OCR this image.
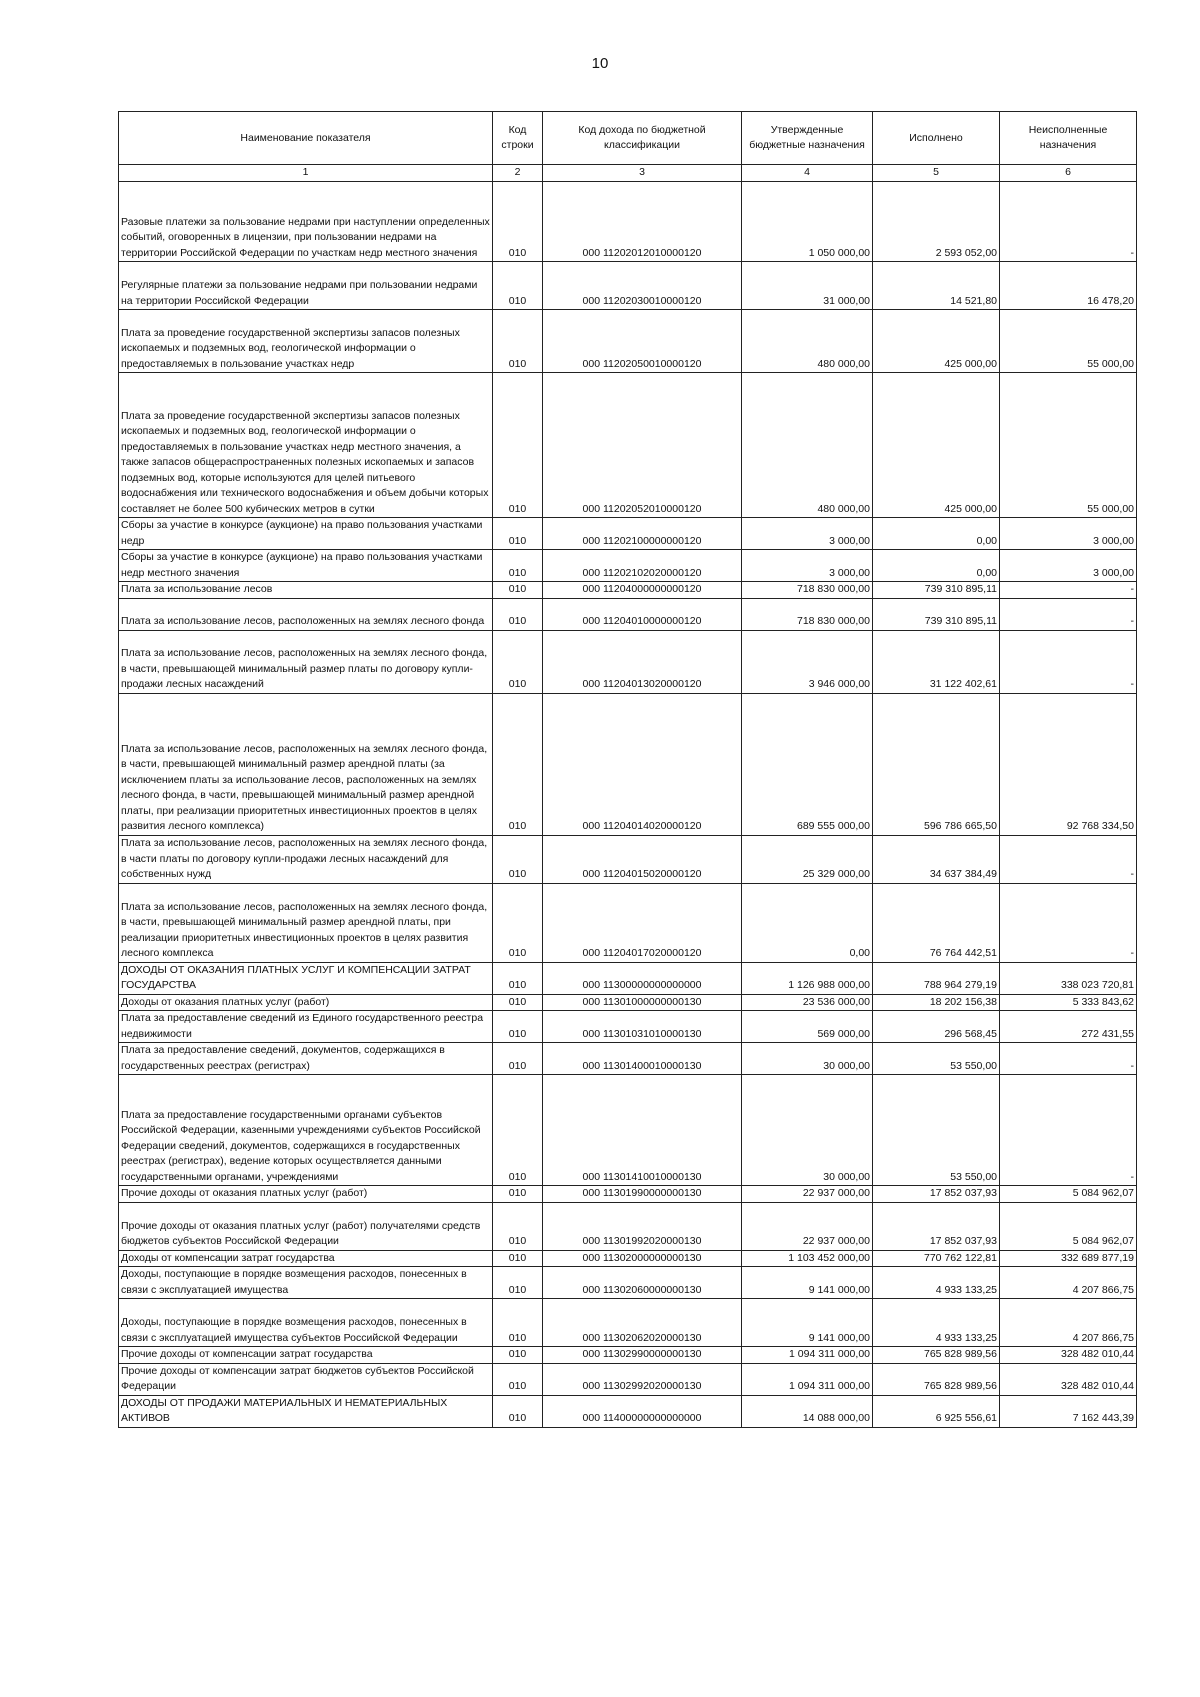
10
Наименование показателя	Код строки	Код дохода по бюджетной классификации	Утвержденные бюджетные назначения	Исполнено	Неисполненные назначения
1	2	3	4	5	6
Разовые платежи за пользование недрами при наступлении определенных событий, оговоренных в лицензии, при пользовании недрами на территории Российской Федерации по участкам недр местного значения	010	000 11202012010000120	1 050 000,00	2 593 052,00	-
Регулярные платежи за пользование недрами при пользовании недрами на территории Российской Федерации	010	000 11202030010000120	31 000,00	14 521,80	16 478,20
Плата за проведение государственной экспертизы запасов полезных ископаемых и подземных вод, геологической информации о предоставляемых в пользование участках недр	010	000 11202050010000120	480 000,00	425 000,00	55 000,00
Плата за проведение государственной экспертизы запасов полезных ископаемых и подземных вод, геологической информации о предоставляемых в пользование участках недр местного значения, а также запасов общераспространенных полезных ископаемых и запасов подземных вод, которые используются для целей питьевого водоснабжения или технического водоснабжения и объем добычи которых составляет не более 500 кубических метров в сутки	010	000 11202052010000120	480 000,00	425 000,00	55 000,00
Сборы за участие в конкурсе (аукционе) на право пользования участками недр	010	000 11202100000000120	3 000,00	0,00	3 000,00
Сборы за участие в конкурсе (аукционе) на право пользования участками недр местного значения	010	000 11202102020000120	3 000,00	0,00	3 000,00
Плата за использование лесов	010	000 11204000000000120	718 830 000,00	739 310 895,11	-
Плата за использование лесов, расположенных на землях лесного фонда	010	000 11204010000000120	718 830 000,00	739 310 895,11	-
Плата за использование лесов, расположенных на землях лесного фонда, в части, превышающей минимальный размер платы по договору купли-продажи лесных насаждений	010	000 11204013020000120	3 946 000,00	31 122 402,61	-
Плата за использование лесов, расположенных на землях лесного фонда, в части, превышающей минимальный размер арендной платы (за исключением платы за использование лесов, расположенных на землях лесного фонда, в части, превышающей минимальный размер арендной платы, при реализации приоритетных инвестиционных проектов в целях развития лесного комплекса)	010	000 11204014020000120	689 555 000,00	596 786 665,50	92 768 334,50
Плата за использование лесов, расположенных на землях лесного фонда, в части платы по договору купли-продажи лесных насаждений для собственных нужд	010	000 11204015020000120	25 329 000,00	34 637 384,49	-
Плата за использование лесов, расположенных на землях лесного фонда, в части, превышающей минимальный размер арендной платы, при реализации приоритетных инвестиционных проектов в целях развития лесного комплекса	010	000 11204017020000120	0,00	76 764 442,51	-
ДОХОДЫ ОТ ОКАЗАНИЯ ПЛАТНЫХ УСЛУГ И КОМПЕНСАЦИИ ЗАТРАТ ГОСУДАРСТВА	010	000 11300000000000000	1 126 988 000,00	788 964 279,19	338 023 720,81
Доходы от оказания платных услуг (работ)	010	000 11301000000000130	23 536 000,00	18 202 156,38	5 333 843,62
Плата за предоставление сведений из Единого государственного реестра недвижимости	010	000 11301031010000130	569 000,00	296 568,45	272 431,55
Плата за предоставление сведений, документов, содержащихся в государственных реестрах (регистрах)	010	000 11301400010000130	30 000,00	53 550,00	-
Плата за предоставление государственными органами субъектов Российской Федерации, казенными учреждениями субъектов Российской Федерации сведений, документов, содержащихся в государственных реестрах (регистрах), ведение которых осуществляется данными государственными органами, учреждениями	010	000 11301410010000130	30 000,00	53 550,00	-
Прочие доходы от оказания платных услуг (работ)	010	000 11301990000000130	22 937 000,00	17 852 037,93	5 084 962,07
Прочие доходы от оказания платных услуг (работ) получателями средств бюджетов субъектов Российской Федерации	010	000 11301992020000130	22 937 000,00	17 852 037,93	5 084 962,07
Доходы от компенсации затрат государства	010	000 11302000000000130	1 103 452 000,00	770 762 122,81	332 689 877,19
Доходы, поступающие в порядке возмещения расходов, понесенных в связи с эксплуатацией имущества	010	000 11302060000000130	9 141 000,00	4 933 133,25	4 207 866,75
Доходы, поступающие в порядке возмещения расходов, понесенных в связи с эксплуатацией имущества субъектов Российской Федерации	010	000 11302062020000130	9 141 000,00	4 933 133,25	4 207 866,75
Прочие доходы от компенсации затрат государства	010	000 11302990000000130	1 094 311 000,00	765 828 989,56	328 482 010,44
Прочие доходы от компенсации затрат бюджетов субъектов Российской Федерации	010	000 11302992020000130	1 094 311 000,00	765 828 989,56	328 482 010,44
ДОХОДЫ ОТ ПРОДАЖИ МАТЕРИАЛЬНЫХ И НЕМАТЕРИАЛЬНЫХ АКТИВОВ	010	000 11400000000000000	14 088 000,00	6 925 556,61	7 162 443,39
